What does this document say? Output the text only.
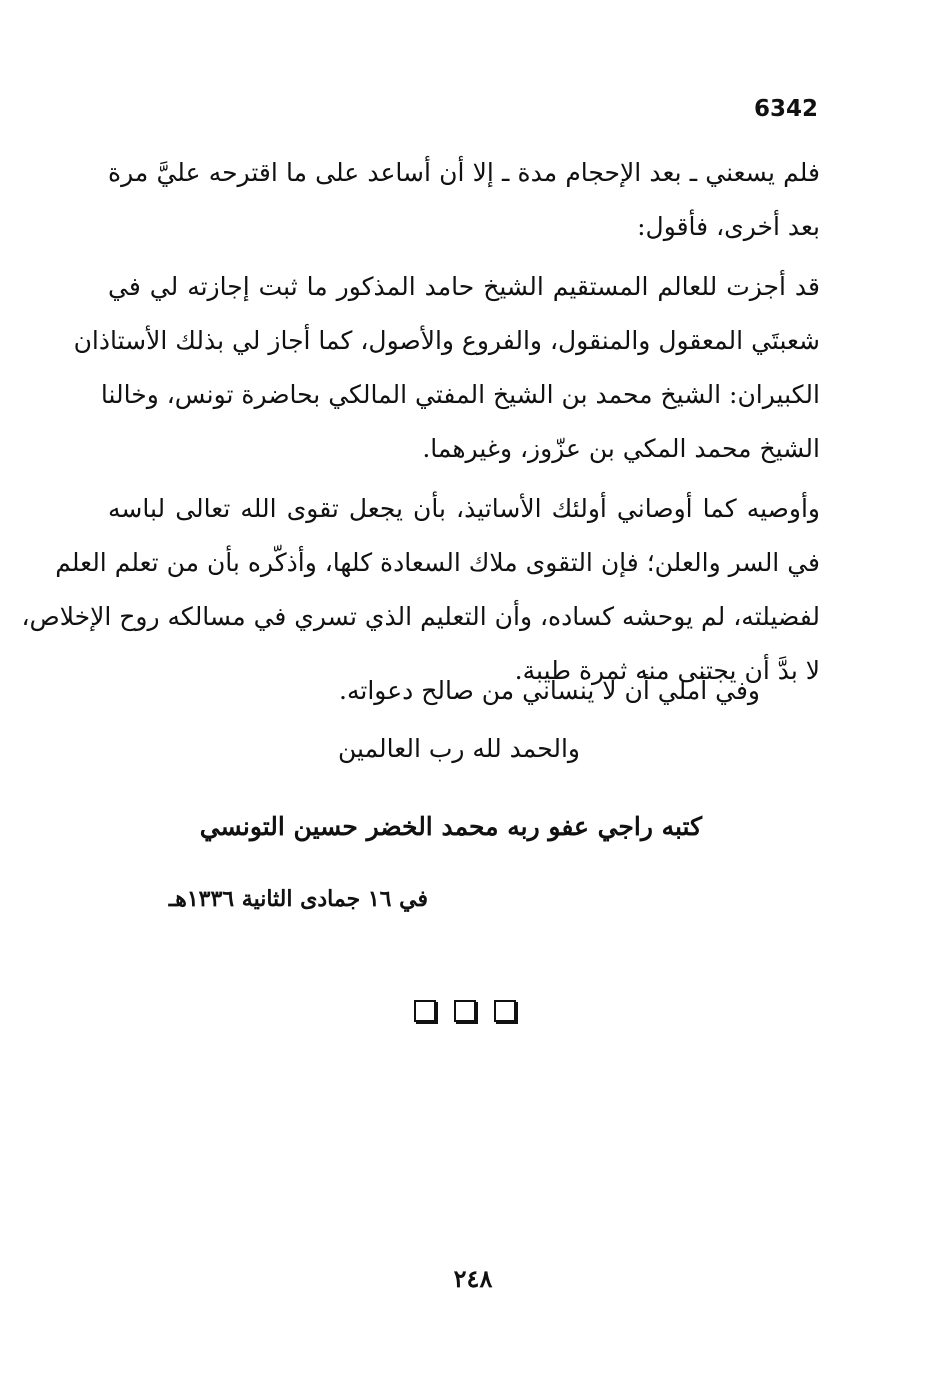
6342
فلم يسعني ـ بعد الإحجام مدة ـ إلا أن أساعد على ما اقترحه عليَّ مرة
بعد أخرى، فأقول:
قد أجزت للعالم المستقيم الشيخ حامد المذكور ما ثبت إجازته لي في
شعبتَي المعقول والمنقول، والفروع والأصول، كما أجاز لي بذلك الأستاذان
الكبيران: الشيخ محمد بن الشيخ المفتي المالكي بحاضرة تونس، وخالنا
الشيخ محمد المكي بن عزّوز، وغيرهما.
وأوصيه كما أوصاني أولئك الأساتيذ، بأن يجعل تقوى الله تعالى لباسه
في السر والعلن؛ فإن التقوى ملاك السعادة كلها، وأذكّره بأن من تعلم العلم
لفضيلته، لم يوحشه كساده، وأن التعليم الذي تسري في مسالكه روح الإخلاص،
لا بدَّ أن يجتنى منه ثمرة طيبة.
وفي أملي أن لا ينساني من صالح دعواته.
والحمد لله رب العالمين
كتبه راجي عفو ربه محمد الخضر حسين التونسي
في ١٦ جمادى الثانية ١٣٣٦هـ
٢٤٨
